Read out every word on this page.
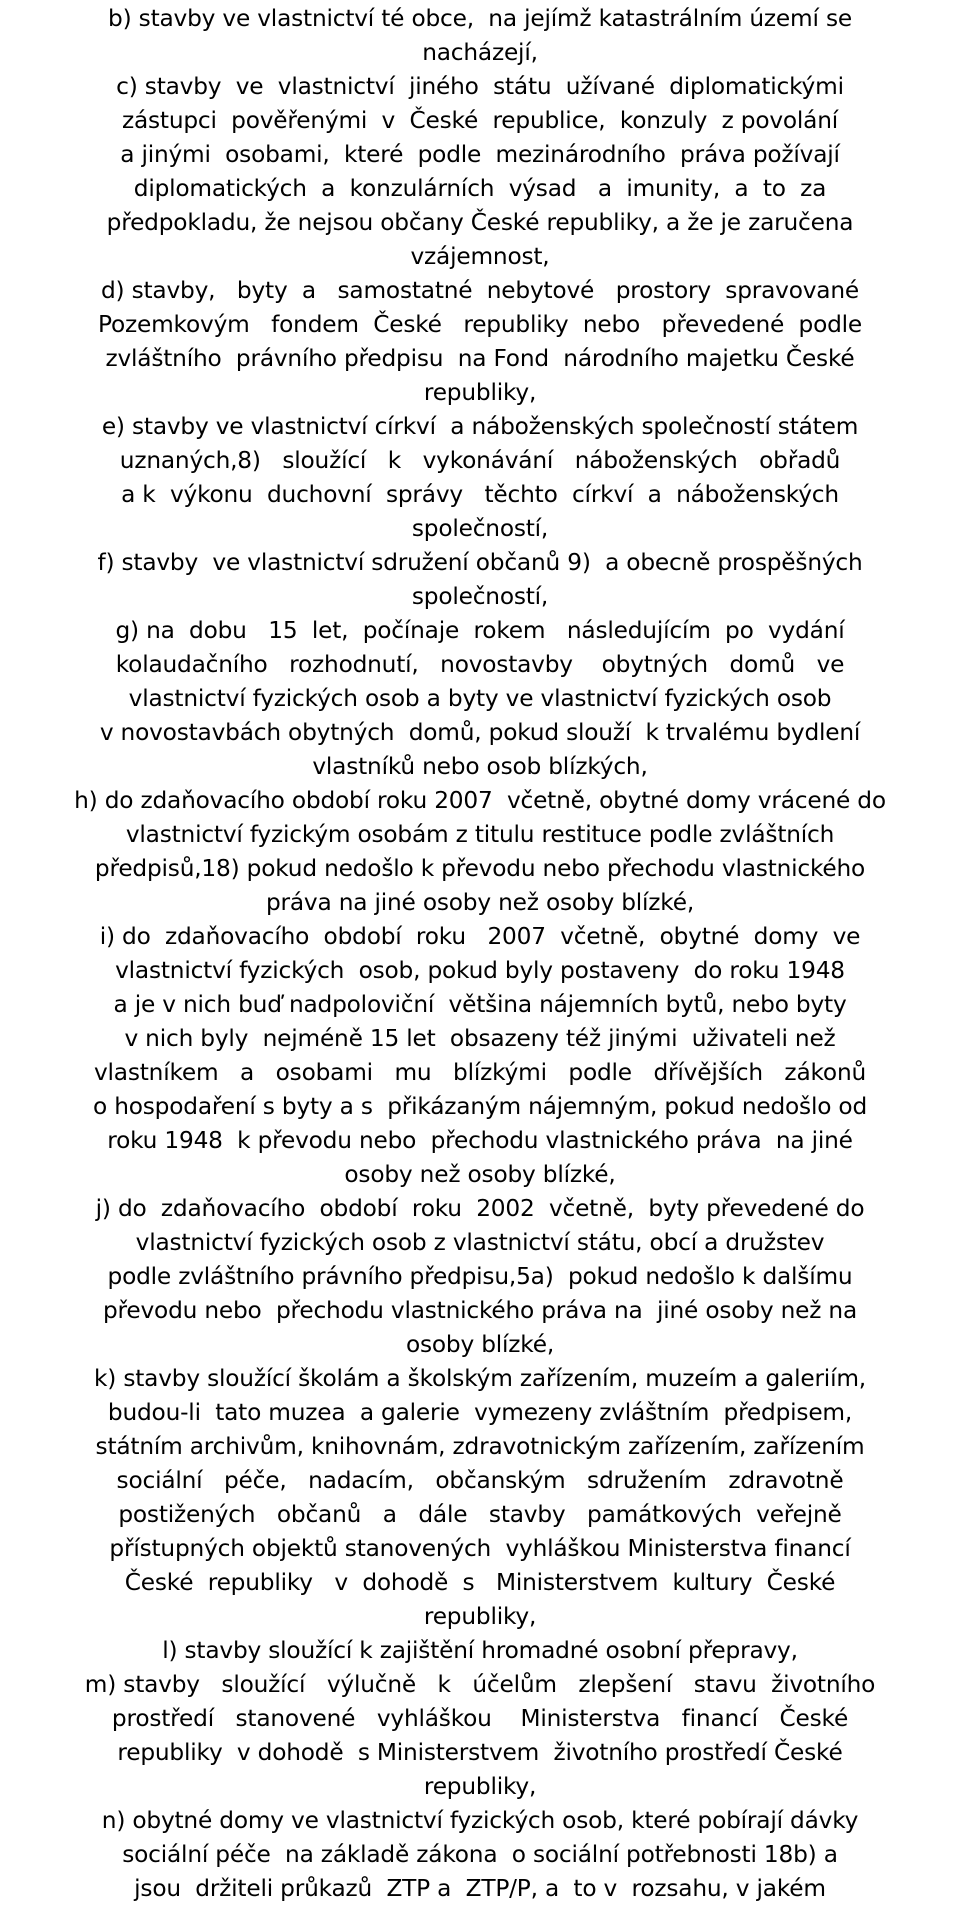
b) stavby ve vlastnictví té obce,  na jejímž katastrálním území se
nacházejí,
c) stavby  ve  vlastnictví  jiného  státu  užívané  diplomatickými
zástupci  pověřenými  v  České  republice,  konzuly  z povolání
a jinými  osobami,  které  podle  mezinárodního  práva požívají
diplomatických  a  konzulárních  výsad   a  imunity,  a  to  za
předpokladu, že nejsou občany České republiky, a že je zaručena
vzájemnost,
d) stavby,   byty  a   samostatné  nebytové   prostory  spravované
Pozemkovým   fondem  České   republiky  nebo   převedené  podle
zvláštního  právního předpisu  na Fond  národního majetku České
republiky,
e) stavby ve vlastnictví církví  a náboženských společností státem
uznaných,8)   sloužící   k   vykonávání   náboženských   obřadů
a k  výkonu  duchovní  správy   těchto  církví  a  náboženských
společností,
f) stavby  ve vlastnictví sdružení občanů 9)  a obecně prospěšných
společností,
g) na  dobu   15  let,  počínaje  rokem   následujícím  po  vydání
kolaudačního   rozhodnutí,   novostavby    obytných   domů   ve
vlastnictví fyzických osob a byty ve vlastnictví fyzických osob
v novostavbách obytných  domů, pokud slouží  k trvalému bydlení
vlastníků nebo osob blízkých,
h) do zdaňovacího období roku 2007  včetně, obytné domy vrácené do
vlastnictví fyzickým osobám z titulu restituce podle zvláštních
předpisů,18) pokud nedošlo k převodu nebo přechodu vlastnického
práva na jiné osoby než osoby blízké,
i) do  zdaňovacího  období  roku   2007  včetně,  obytné  domy  ve
vlastnictví fyzických  osob, pokud byly postaveny  do roku 1948
a je v nich buď nadpoloviční  většina nájemních bytů, nebo byty
v nich byly  nejméně 15 let  obsazeny též jinými  uživateli než
vlastníkem   a   osobami   mu   blízkými   podle   dřívějších   zákonů
o hospodaření s byty a s  přikázaným nájemným, pokud nedošlo od
roku 1948  k převodu nebo  přechodu vlastnického práva  na jiné
osoby než osoby blízké,
j) do  zdaňovacího  období  roku  2002  včetně,  byty převedené do
vlastnictví fyzických osob z vlastnictví státu, obcí a družstev
podle zvláštního právního předpisu,5a)  pokud nedošlo k dalšímu
převodu nebo  přechodu vlastnického práva na  jiné osoby než na
osoby blízké,
k) stavby sloužící školám a školským zařízením, muzeím a galeriím,
budou-li  tato muzea  a galerie  vymezeny zvláštním  předpisem,
státním archivům, knihovnám, zdravotnickým zařízením, zařízením
sociální   péče,   nadacím,   občanským   sdružením   zdravotně
postižených   občanů   a   dále   stavby   památkových  veřejně
přístupných objektů stanovených  vyhláškou Ministerstva financí
České  republiky   v  dohodě  s   Ministerstvem  kultury  České
republiky,
l) stavby sloužící k zajištění hromadné osobní přepravy,
m) stavby   sloužící   výlučně   k   účelům   zlepšení   stavu  životního
prostředí   stanovené   vyhláškou    Ministerstva   financí   České
republiky  v dohodě  s Ministerstvem  životního prostředí České
republiky,
n) obytné domy ve vlastnictví fyzických osob, které pobírají dávky
sociální péče  na základě zákona  o sociální potřebnosti 18b) a
jsou  držiteli průkazů  ZTP a  ZTP/P, a  to v  rozsahu, v jakém
